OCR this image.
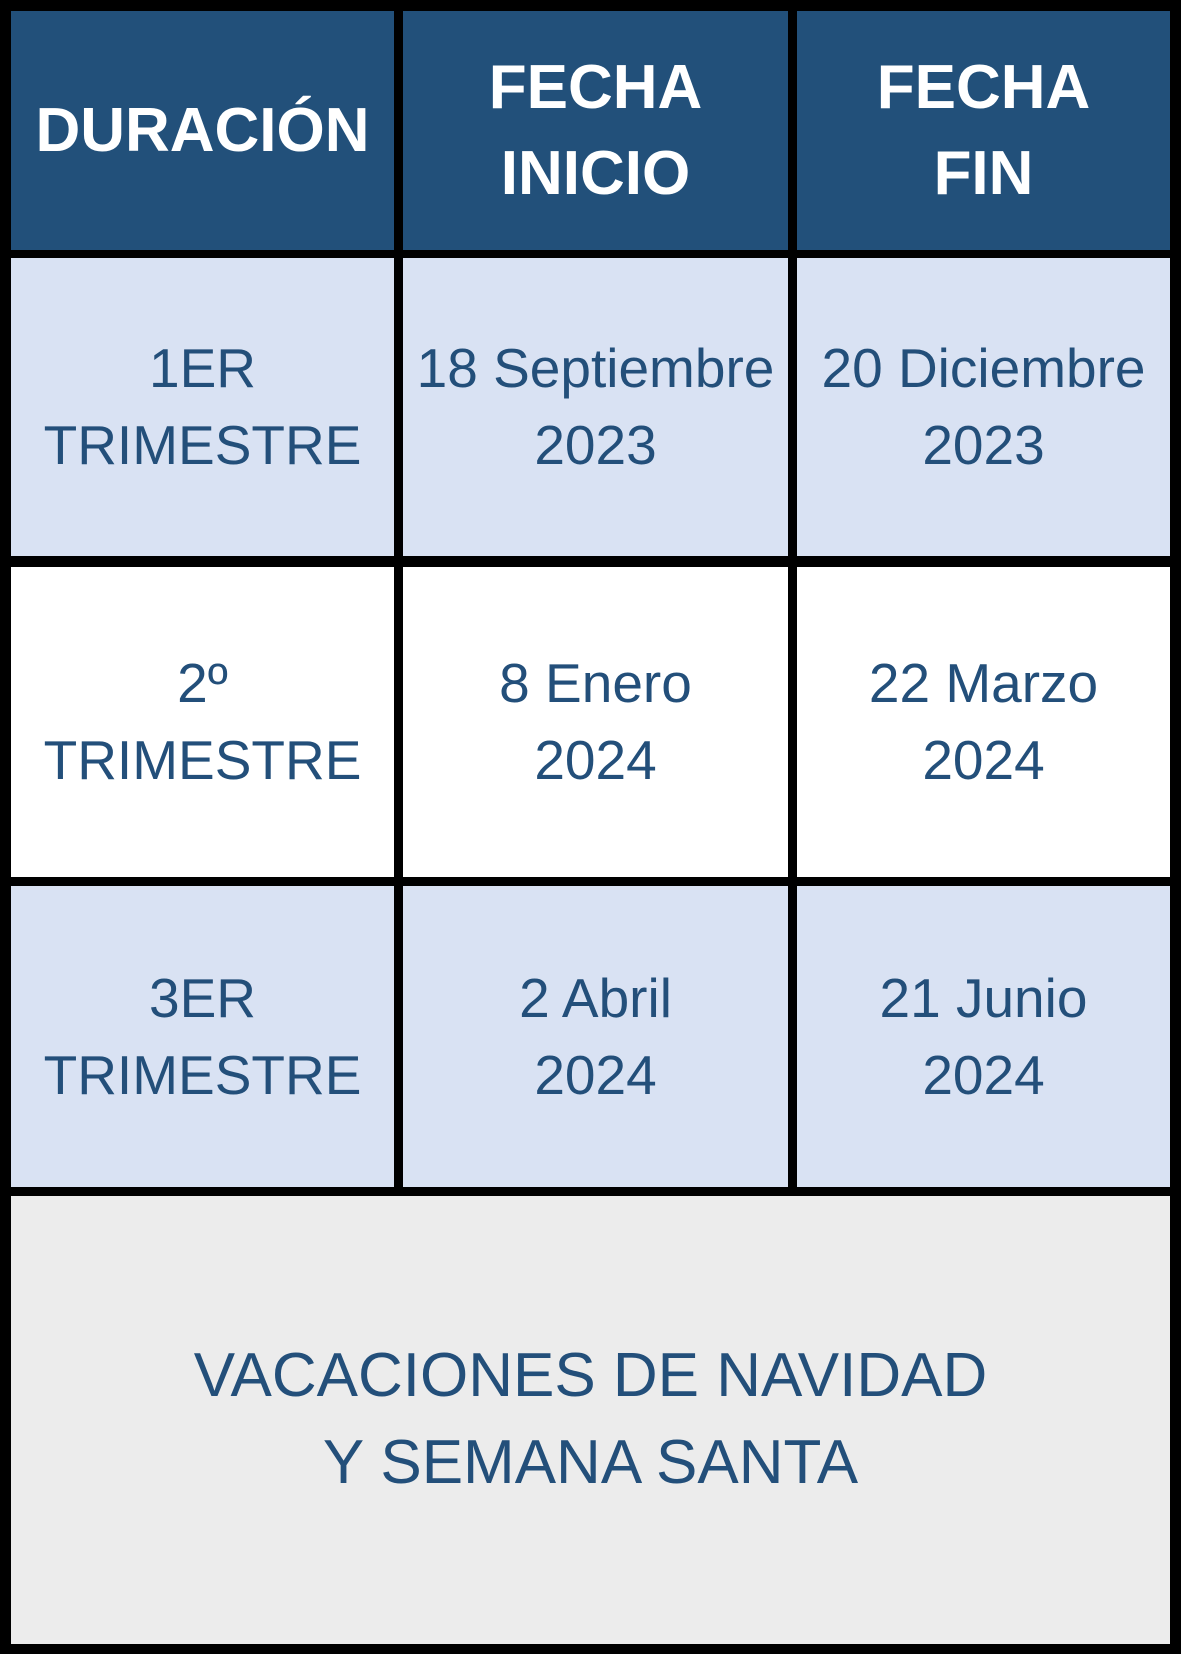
DURACIÓN
FECHA
INICIO
FECHA
FIN
1ER
TRIMESTRE
18 Septiembre
2023
20 Diciembre
2023
2º
TRIMESTRE
8 Enero
2024
22 Marzo
2024
3ER
TRIMESTRE
2 Abril
2024
21 Junio
2024
VACACIONES DE NAVIDAD
Y SEMANA SANTA
